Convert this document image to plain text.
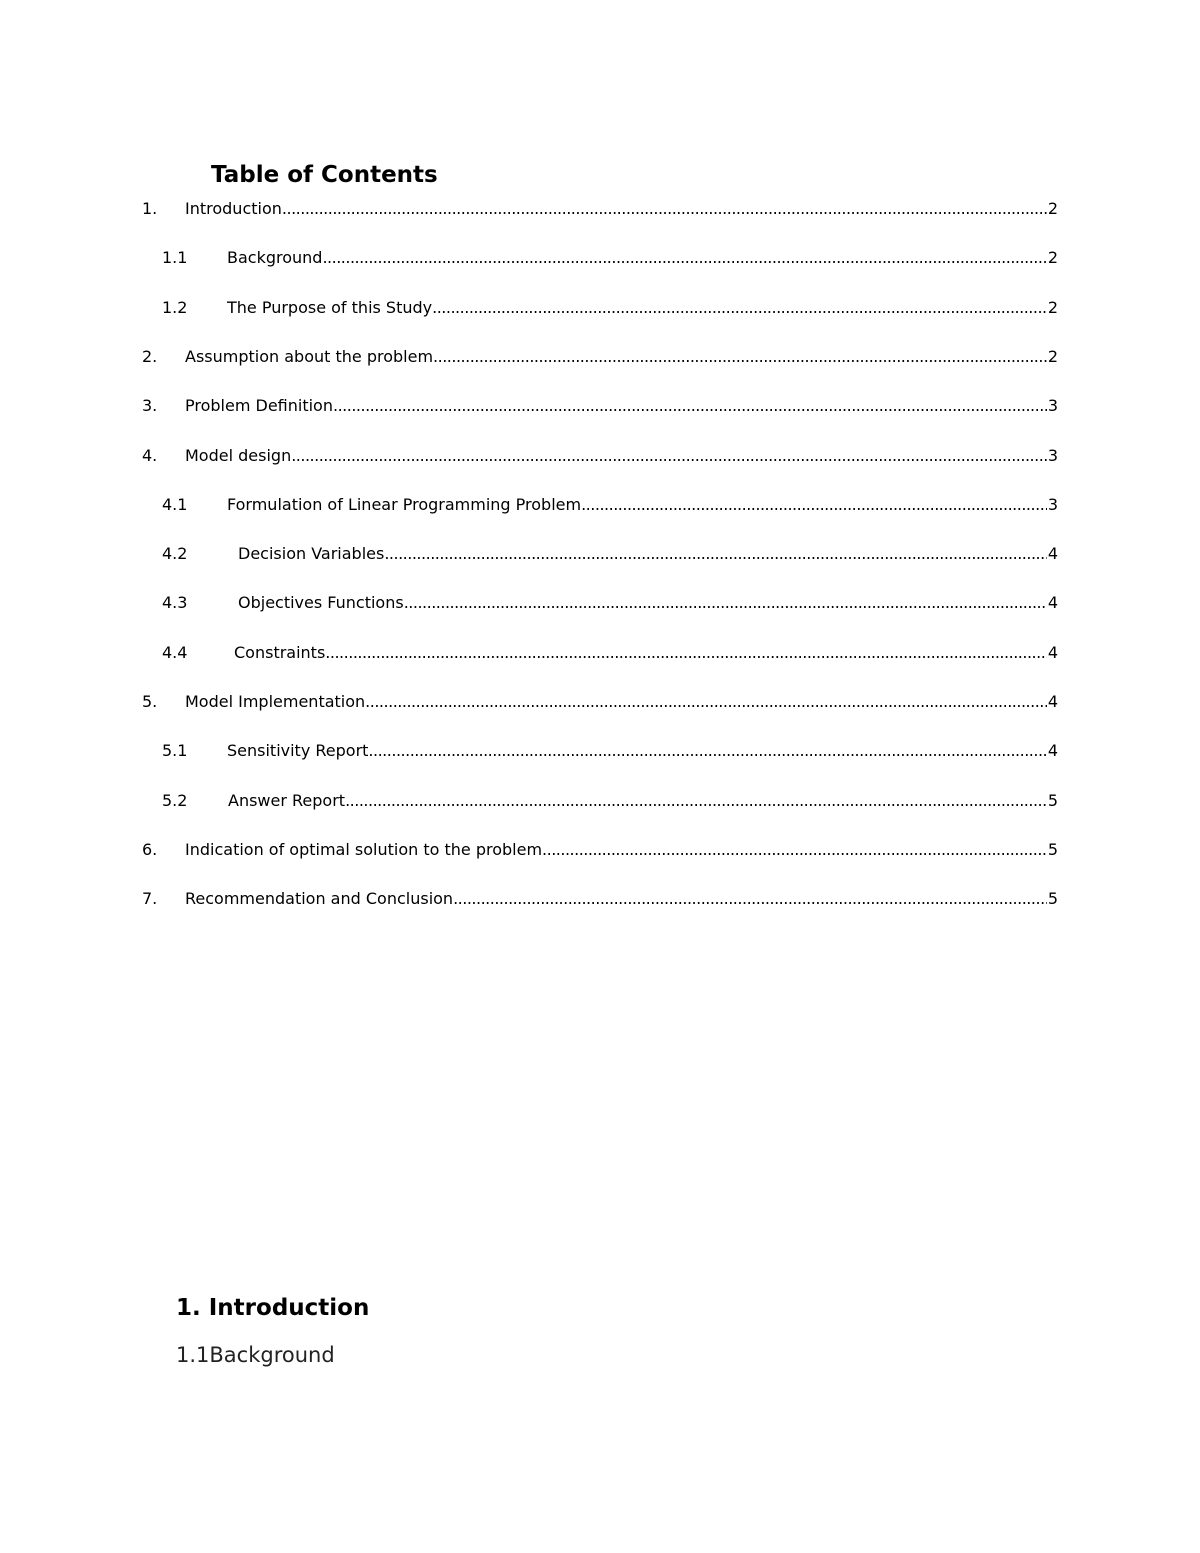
Table of Contents
1. Introduction .....	2
1.1 Background .....	2
1.2 The Purpose of this Study .....	2
2. Assumption about the problem .....	2
3. Problem Definition .....	3
4. Model design .....	3
4.1 Formulation of Linear Programming Problem .....	3
4.2	Decision Variables .....	4
4.3	Objectives Functions .....	4
4.4	Constraints .....	4
5. Model Implementation .....	4
5.1 Sensitivity Report .....	4
5.2	Answer Report .....	5
6. Indication of optimal solution to the problem .....	5
7. Recommendation and Conclusion .....	5
1. Introduction
1.1Background
